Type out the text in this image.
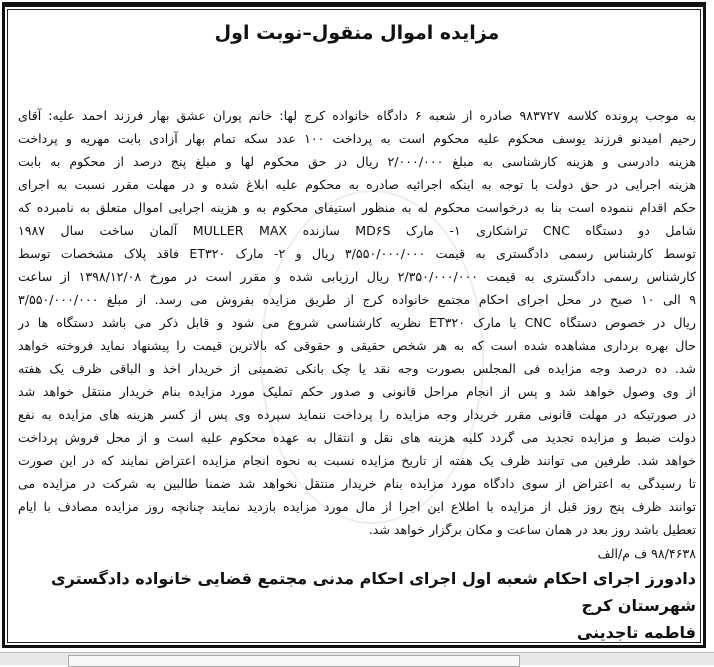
مزایده اموال منقول–نوبت اول
به موجب پرونده کلاسه ۹۸۳۷۲۷ صادره از شعبه ۶ دادگاه خانواده کرج لها: خانم پوران عشق بهار فرزند احمد علیه: آقای
رحیم امیدنو فرزند یوسف محکوم علیه محکوم است به پرداخت ۱۰۰ عدد سکه تمام بهار آزادی بابت مهریه و پرداخت
هزینه دادرسی و هزینه کارشناسی به مبلغ ۲/۰۰۰/۰۰۰ ریال در حق محکوم لها و مبلغ پنج درصد از محکوم به بابت
هزینه اجرایی در حق دولت با توجه به اینکه اجرائیه صادره به محکوم علیه ابلاغ شده و در مهلت مقرر نسبت به اجرای
حکم اقدام ننموده است بنا به درخواست محکوم له به منظور استیفای محکوم به و هزینه اجرایی اموال متعلق به نامبرده که
شامل دو دستگاه CNC تراشکاری ۱- مارک MD۶S سازنده MULLER MAX آلمان ساخت سال ۱۹۸۷
توسط کارشناس رسمی دادگستری به قیمت ۳/۵۵۰/۰۰۰/۰۰۰ ریال و ۲- مارک ET۳۲۰ فاقد پلاک مشخصات توسط
کارشناس رسمی دادگستری به قیمت ۲/۳۵۰/۰۰۰/۰۰۰ ریال ارزیابی شده و مقرر است در مورخ ۱۳۹۸/۱۲/۰۸ از ساعت
۹ الی ۱۰ صبح در محل اجرای احکام مجتمع خانواده کرج از طریق مزایده بفروش می رسد. از مبلغ ۳/۵۵۰/۰۰۰/۰۰۰
ریال در خصوص دستگاه CNC با مارک ET۳۲۰ نظریه کارشناسی شروع می شود و قابل ذکر می باشد دستگاه ها در
حال بهره برداری مشاهده شده است که به هر شخص حقیقی و حقوقی که بالاترین قیمت را پیشنهاد نماید فروخته خواهد
شد. ده درصد وجه مزایده فی المجلس بصورت وجه نقد یا چک بانکی تضمینی از خریدار اخذ و الباقی ظرف یک هفته
از وی وصول خواهد شد و پس از انجام مراحل قانونی و صدور حکم تملیک مورد مزایده بنام خریدار منتقل خواهد شد
در صورتیکه در مهلت قانونی مقرر خریدار وجه مزایده را پرداخت ننماید سپرده وی پس از کسر هزینه های مزایده به نفع
دولت ضبط و مزایده تجدید می گردد کلیه هزینه های نقل و انتقال به عهده محکوم علیه است و از محل فروش پرداخت
خواهد شد. طرفین می توانند ظرف یک هفته از تاریخ مزایده نسبت به نحوه انجام مزایده اعتراض نمایند که در این صورت
تا رسیدگی به اعتراض از سوی دادگاه مورد مزایده بنام خریدار منتقل نخواهد شد ضمنا طالبین به شرکت در مزایده می
توانند ظرف پنج روز قبل از مزایده با اطلاع این اجرا از مال مورد مزایده بازدید نمایند چنانچه روز مزایده مصادف با ایام
تعطیل باشد روز بعد در همان ساعت و مکان برگزار خواهد شد.
۹۸/۴۶۳۸ ف م/الف
دادورز اجرای احکام شعبه اول اجرای احکام مدنی مجتمع قضایی خانواده دادگستری شهرستان کرج
فاطمه تاجدینی
